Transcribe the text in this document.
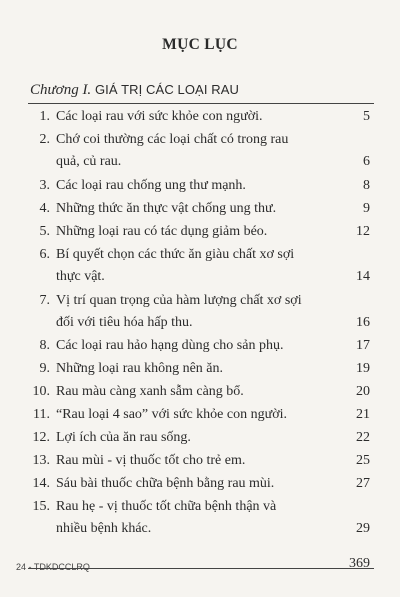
MỤC LỤC
Chương I. GIÁ TRỊ CÁC LOẠI RAU
1. Các loại rau với sức khỏe con người.	5
2. Chớ coi thường các loại chất có trong rau
quả, củ rau.	6
3. Các loại rau chống ung thư mạnh.	8
4. Những thức ăn thực vật chống ung thư.	9
5. Những loại rau có tác dụng giảm béo.	12
6. Bí quyết chọn các thức ăn giàu chất xơ sợi
thực vật.	14
7. Vị trí quan trọng của hàm lượng chất xơ sợi
đối với tiêu hóa hấp thu.	16
8. Các loại rau hảo hạng dùng cho sản phụ.	17
9. Những loại rau không nên ăn.	19
10. Rau màu càng xanh sẫm càng bổ.	20
11. “Rau loại 4 sao” với sức khỏe con người.	21
12. Lợi ích của ăn rau sống.	22
13. Rau mùi - vị thuốc tốt cho trẻ em.	25
14. Sáu bài thuốc chữa bệnh bằng rau mùi.	27
15. Rau hẹ - vị thuốc tốt chữa bệnh thận và
nhiều bệnh khác.	29
24 - TDKDCCLRQ	369
